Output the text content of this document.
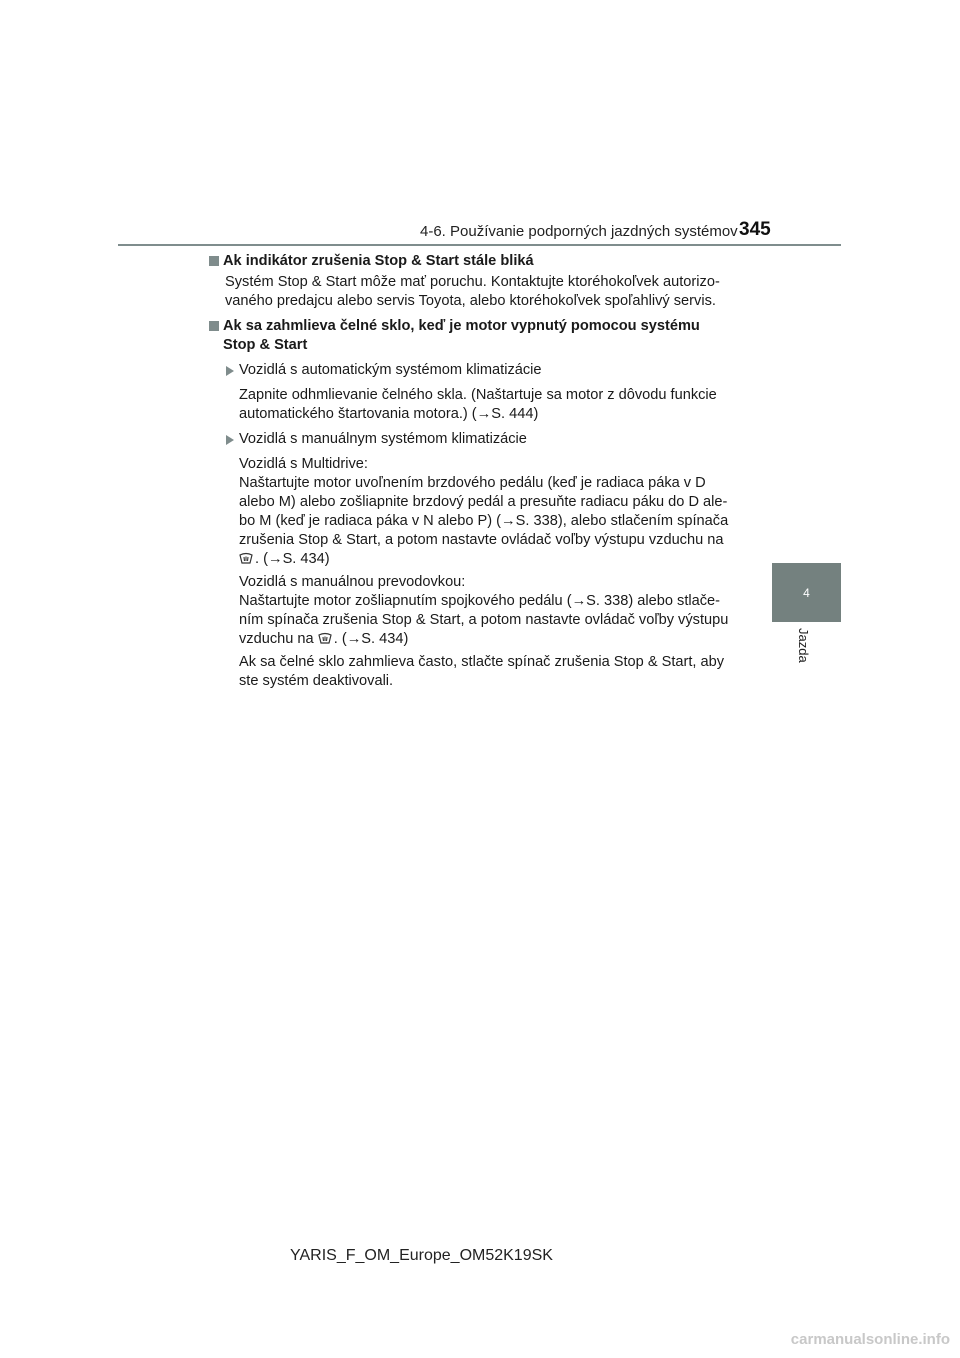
4-6. Používanie podporných jazdných systémov 345
4
Jazda
Ak indikátor zrušenia Stop & Start stále bliká
Systém Stop & Start môže mať poruchu. Kontaktujte ktoréhokoľvek autorizo-
vaného predajcu alebo servis Toyota, alebo ktoréhokoľvek spoľahlivý servis.
Ak sa zahmlieva čelné sklo, keď je motor vypnutý pomocou systému
Stop & Start
Vozidlá s automatickým systémom klimatizácie
Zapnite odhmlievanie čelného skla. (Naštartuje sa motor z dôvodu funkcie
automatického štartovania motora.) (→S. 444)
Vozidlá s manuálnym systémom klimatizácie
Vozidlá s Multidrive:
Naštartujte motor uvoľnením brzdového pedálu (keď je radiaca páka v D
alebo M) alebo zošliapnite brzdový pedál a presuňte radiacu páku do D ale-
bo M (keď je radiaca páka v N alebo P) (→S. 338), alebo stlačením spínača
zrušenia Stop & Start, a potom nastavte ovládač voľby výstupu vzduchu na
. (→S. 434)
Vozidlá s manuálnou prevodovkou:
Naštartujte motor zošliapnutím spojkového pedálu (→S. 338) alebo stlače-
ním spínača zrušenia Stop & Start, a potom nastavte ovládač voľby výstupu
vzduchu na . (→S. 434)
Ak sa čelné sklo zahmlieva často, stlačte spínač zrušenia Stop & Start, aby
ste systém deaktivovali.
YARIS_F_OM_Europe_OM52K19SK
carmanualsonline.info
